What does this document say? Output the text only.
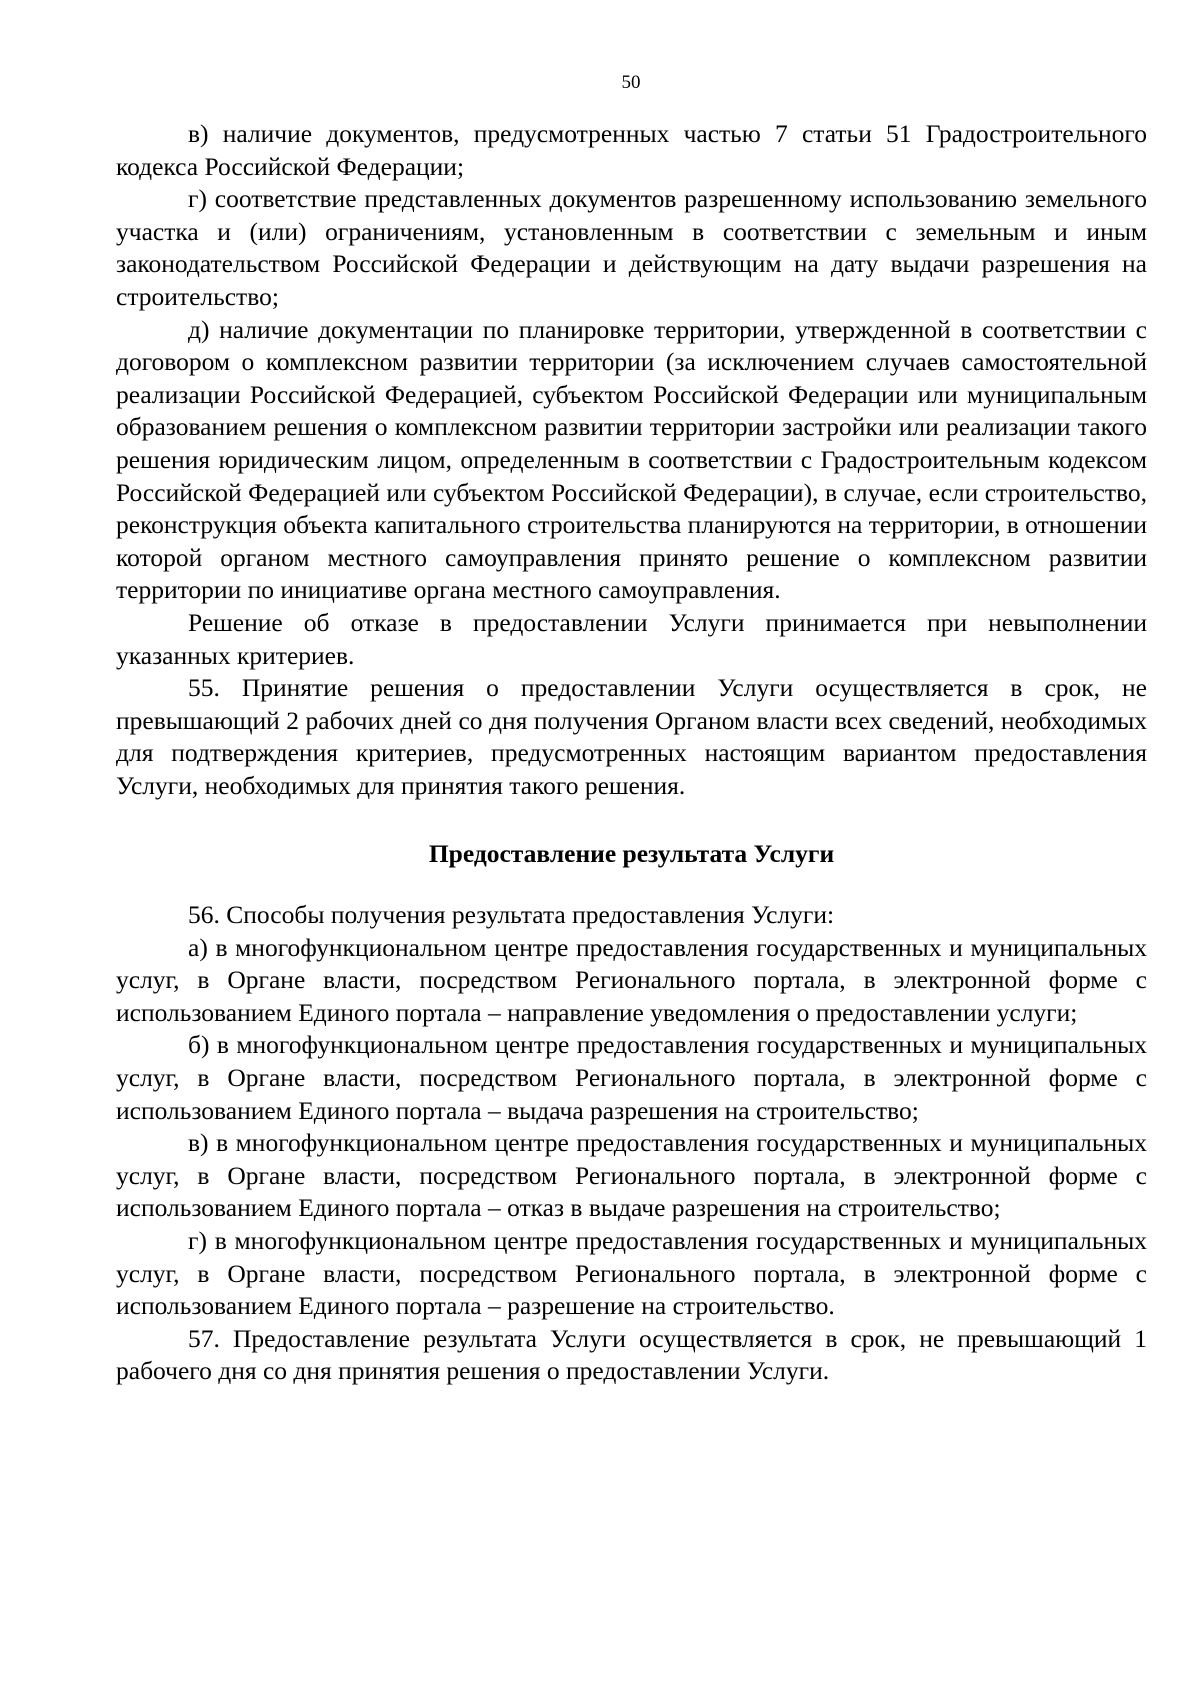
50

в) наличие документов, предусмотренных частью 7 статьи 51 Градостроительного кодекса Российской Федерации;

г) соответствие представленных документов разрешенному использованию земельного участка и (или) ограничениям, установленным в соответствии с земельным и иным законодательством Российской Федерации и действующим на дату выдачи разрешения на строительство;

д) наличие документации по планировке территории, утвержденной в соответствии с договором о комплексном развитии территории (за исключением случаев самостоятельной реализации Российской Федерацией, субъектом Российской Федерации или муниципальным образованием решения о комплексном развитии территории застройки или реализации такого решения юридическим лицом, определенным в соответствии с Градостроительным кодексом Российской Федерацией или субъектом Российской Федерации), в случае, если строительство, реконструкция объекта капитального строительства планируются на территории, в отношении которой органом местного самоуправления принято решение о комплексном развитии территории по инициативе органа местного самоуправления.

Решение об отказе в предоставлении Услуги принимается при невыполнении указанных критериев.

55. Принятие решения о предоставлении Услуги осуществляется в срок, не превышающий 2 рабочих дней со дня получения Органом власти всех сведений, необходимых для подтверждения критериев, предусмотренных настоящим вариантом предоставления Услуги, необходимых для принятия такого решения.

Предоставление результата Услуги

56. Способы получения результата предоставления Услуги:

а) в многофункциональном центре предоставления государственных и муниципальных услуг, в Органе власти, посредством Регионального портала, в электронной форме с использованием Единого портала – направление уведомления о предоставлении услуги;

б) в многофункциональном центре предоставления государственных и муниципальных услуг, в Органе власти, посредством Регионального портала, в электронной форме с использованием Единого портала – выдача разрешения на строительство;

в) в многофункциональном центре предоставления государственных и муниципальных услуг, в Органе власти, посредством Регионального портала, в электронной форме с использованием Единого портала – отказ в выдаче разрешения на строительство;

г) в многофункциональном центре предоставления государственных и муниципальных услуг, в Органе власти, посредством Регионального портала, в электронной форме с использованием Единого портала – разрешение на строительство.

57. Предоставление результата Услуги осуществляется в срок, не превышающий 1 рабочего дня со дня принятия решения о предоставлении Услуги.
